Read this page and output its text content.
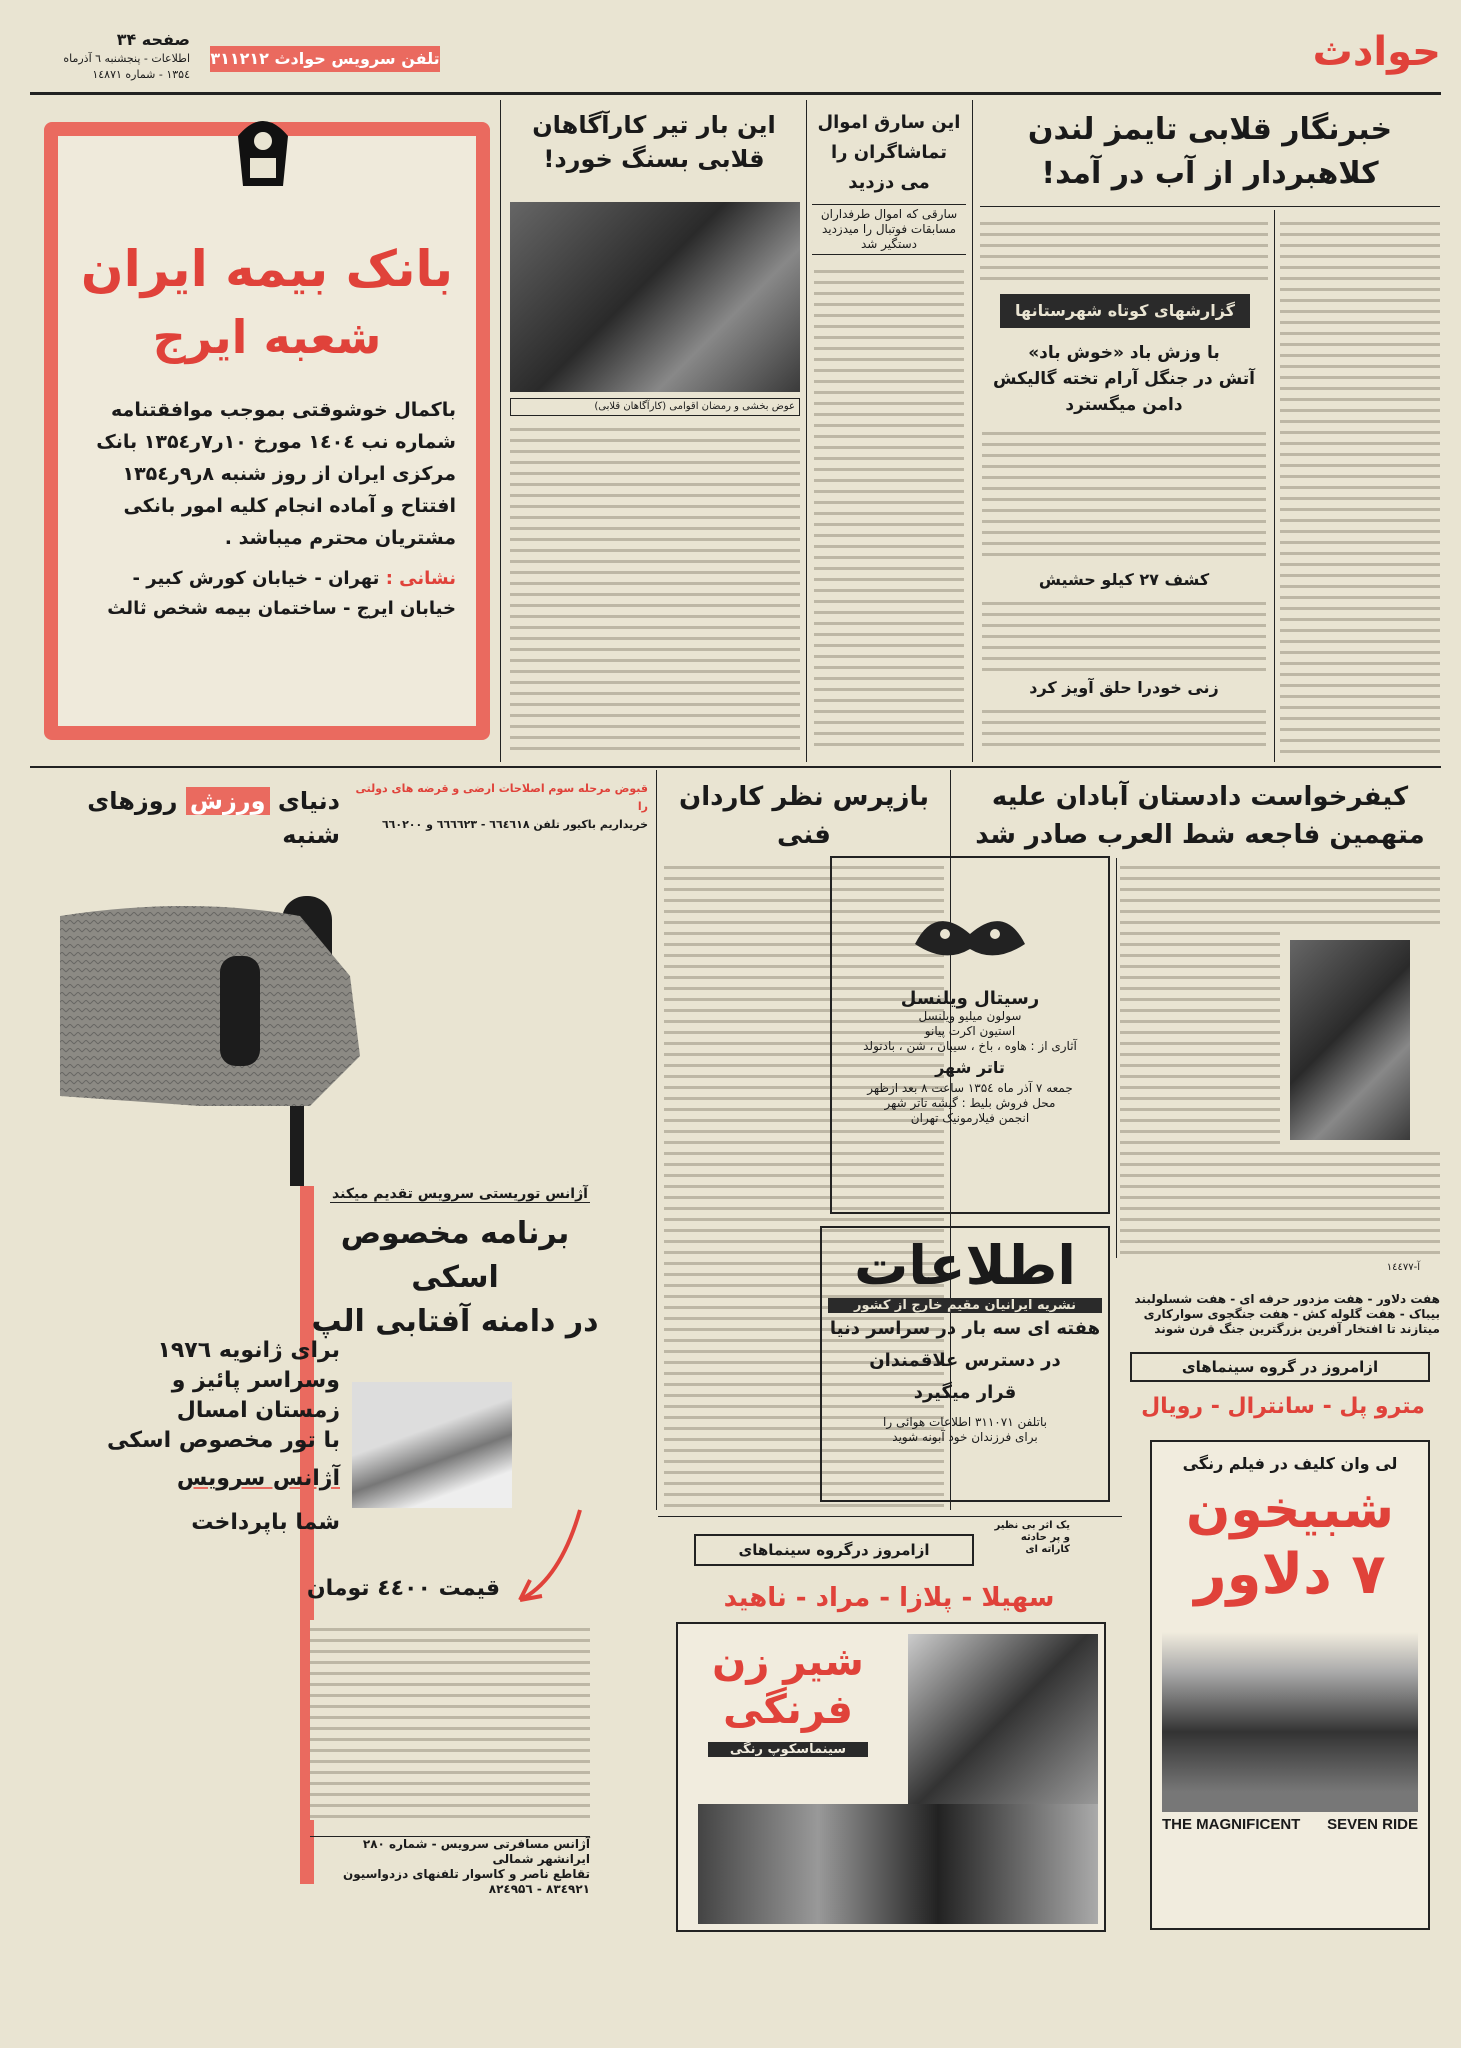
حوادث
تلفن سرویس حوادث ۳۱۱۲۱۲
صفحه ۳۴
اطلاعات - پنجشنبه ٦ آذرماه
۱۳۵٤ - شماره ۱٤۸۷۱
بانک بیمه ایران
شعبه ایرج
باکمال خوشوقتی بموجب موافقتنامه شماره نب ۱٤۰٤ مورخ ۱۰ر۷ر۱۳۵٤ بانک مرکزی ایران از روز شنبه ۸ر۹ر۱۳۵٤ افتتاح و آماده انجام کلیه امور بانکی مشتریان محترم میباشد .
نشانی : تهران - خیابان کورش کبیر - خیابان ایرج - ساختمان بیمه شخص ثالث
این بار تیر کارآگاهان
قلابی بسنگ خورد!
عوض بخشی و رمضان اقوامی (کارآگاهان قلابی)
این سارق اموال
تماشاگران را
می دزدید
سارقی که اموال طرفداران
مسابقات فوتبال را میدزدید
دستگیر شد
خبرنگار قلابی تایمز لندن
کلاهبردار از آب در آمد!
گزارشهای کوتاه شهرستانها
با وزش باد «خوش باد»
آتش در جنگل آرام تخته گالیکش
دامن میگسترد
کشف ۲۷ کیلو حشیش
زنی خودرا حلق آویز کرد
دنیای ورزش روزهای شنبه
قبوض مرحله سوم اصلاحات ارضی و قرضه های دولتی را
خریداریم باکیور تلفن ٦٦٤٦١۸ - ٦٦٦٦٢٣ و ٦٦۰۲۰۰
آژانس توریستی سرویس تقدیم میکند
برنامه مخصوص اسکی
در دامنه آفتابی الپ
برای ژانویه ۱۹۷٦
وسراسر پائیز و
زمستان امسال
با تور مخصوص اسکی
آژانس سرویس
شما باپرداخت
قیمت ٤٤۰۰ تومان
آژانس مسافرتی سرویس - شماره ۲۸۰ ایرانشهر شمالی
تقاطع ناصر و کاسوار تلفنهای دزدواسیون ۸۳٤۹۲۱ - ۸۲٤۹۵٦
بازپرس نظر کاردان فنی
کیفرخواست دادستان آبادان علیه
متهمین فاجعه شط العرب صادر شد
آ-۱٤٤۷۷
رسیتال ویلنسل
سولون میلیو ویلنسل
استیون اکرت پیانو
آثاری از : هاوه ، باخ ، سیبان ، شن ، بادتولد
تاتر شهر
جمعه ۷ آذر ماه ۱۳۵٤ ساعت ۸ بعد ازظهر
محل فروش بلیط : گیشه تاتر شهر
انجمن فیلارمونیک تهران
اطلاعات
نشریه ایرانیان مقیم خارج از کشور
هفته ای سه بار در سراسر دنیا
در دسترس علاقمندان
قرار میگیرد
باتلفن ۳۱۱۰۷۱ اطلاعات هوائی را
برای فرزندان خود آبونه شوید
هفت دلاور - هفت مزدور حرفه ای - هفت شسلولبند
بیباک - هفت گلوله کش - هفت جنگجوی سوارکاری
میتازند تا افتخار آفرین بزرگترین جنگ قرن شوند
ازامروز در گروه سینماهای
مترو پل - سانترال - رویال
لی وان کلیف در فیلم رنگی
شبیخون
۷ دلاور
THE MAGNIFICENT SEVEN RIDE
یک اثر بی نظیر و پر حادثه کاراته ای
ازامروز درگروه سینماهای
سهیلا - پلازا - مراد - ناهید
شیر زن
فرنگی
سینماسکوپ رنگی
